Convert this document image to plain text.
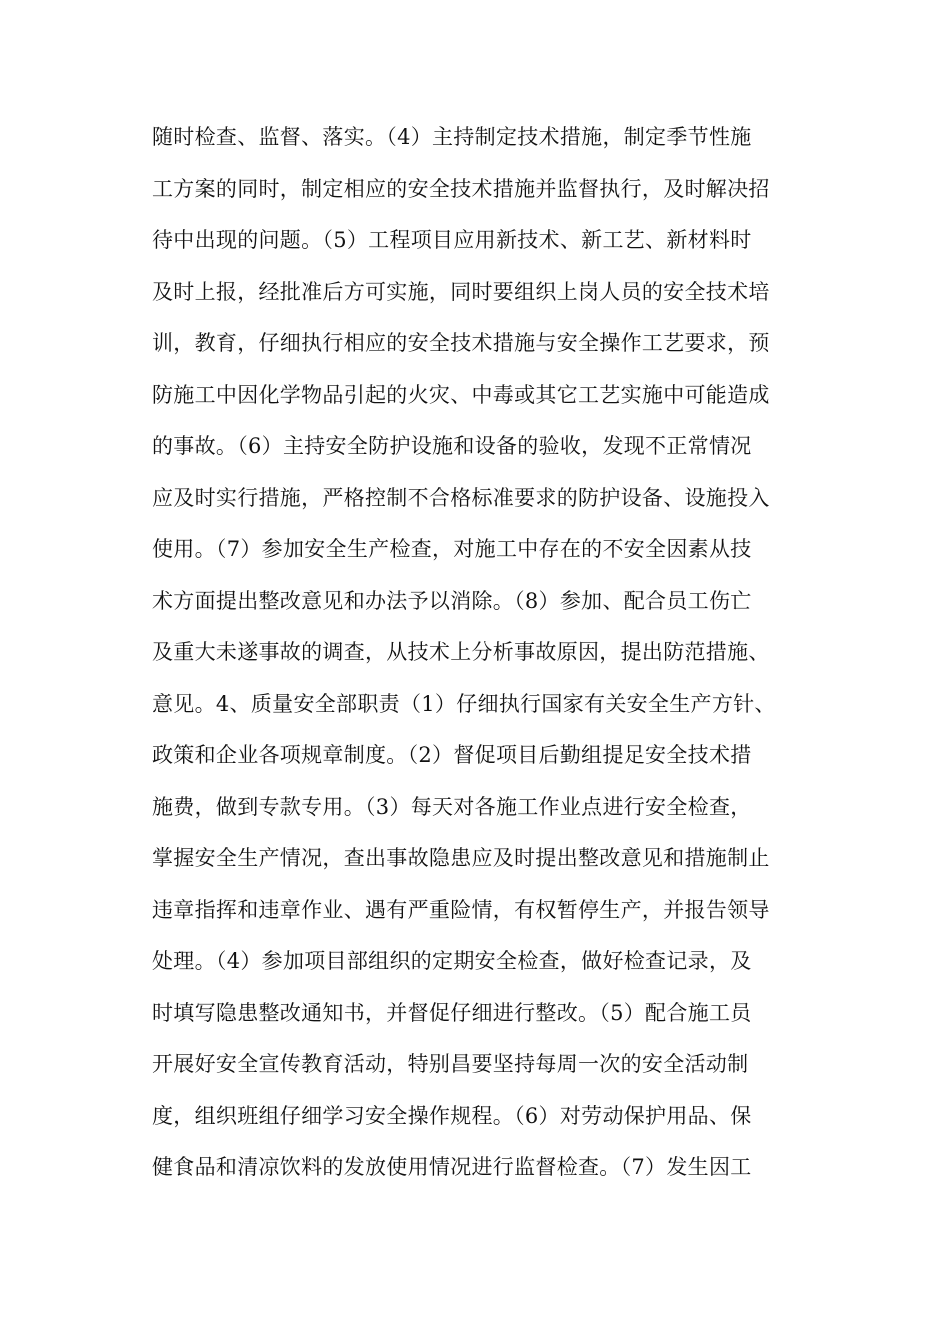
随时检查、监督、落实。（4）主持制定技术措施，制定季节性施
工方案的同时，制定相应的安全技术措施并监督执行，及时解决招
待中出现的问题。（5）工程项目应用新技术、新工艺、新材料时
及时上报，经批准后方可实施，同时要组织上岗人员的安全技术培
训，教育，仔细执行相应的安全技术措施与安全操作工艺要求，预
防施工中因化学物品引起的火灾、中毒或其它工艺实施中可能造成
的事故。（6）主持安全防护设施和设备的验收，发现不正常情况
应及时实行措施，严格控制不合格标准要求的防护设备、设施投入
使用。（7）参加安全生产检查，对施工中存在的不安全因素从技
术方面提出整改意见和办法予以消除。（8）参加、配合员工伤亡
及重大未遂事故的调查，从技术上分析事故原因，提出防范措施、
意见。4、质量安全部职责（1）仔细执行国家有关安全生产方针、
政策和企业各项规章制度。（2）督促项目后勤组提足安全技术措
施费，做到专款专用。（3）每天对各施工作业点进行安全检查，
掌握安全生产情况，查出事故隐患应及时提出整改意见和措施制止
违章指挥和违章作业、遇有严重险情，有权暂停生产，并报告领导
处理。（4）参加项目部组织的定期安全检查，做好检查记录，及
时填写隐患整改通知书，并督促仔细进行整改。（5）配合施工员
开展好安全宣传教育活动，特别昌要坚持每周一次的安全活动制
度，组织班组仔细学习安全操作规程。（6）对劳动保护用品、保
健食品和清凉饮料的发放使用情况进行监督检查。（7）发生因工
